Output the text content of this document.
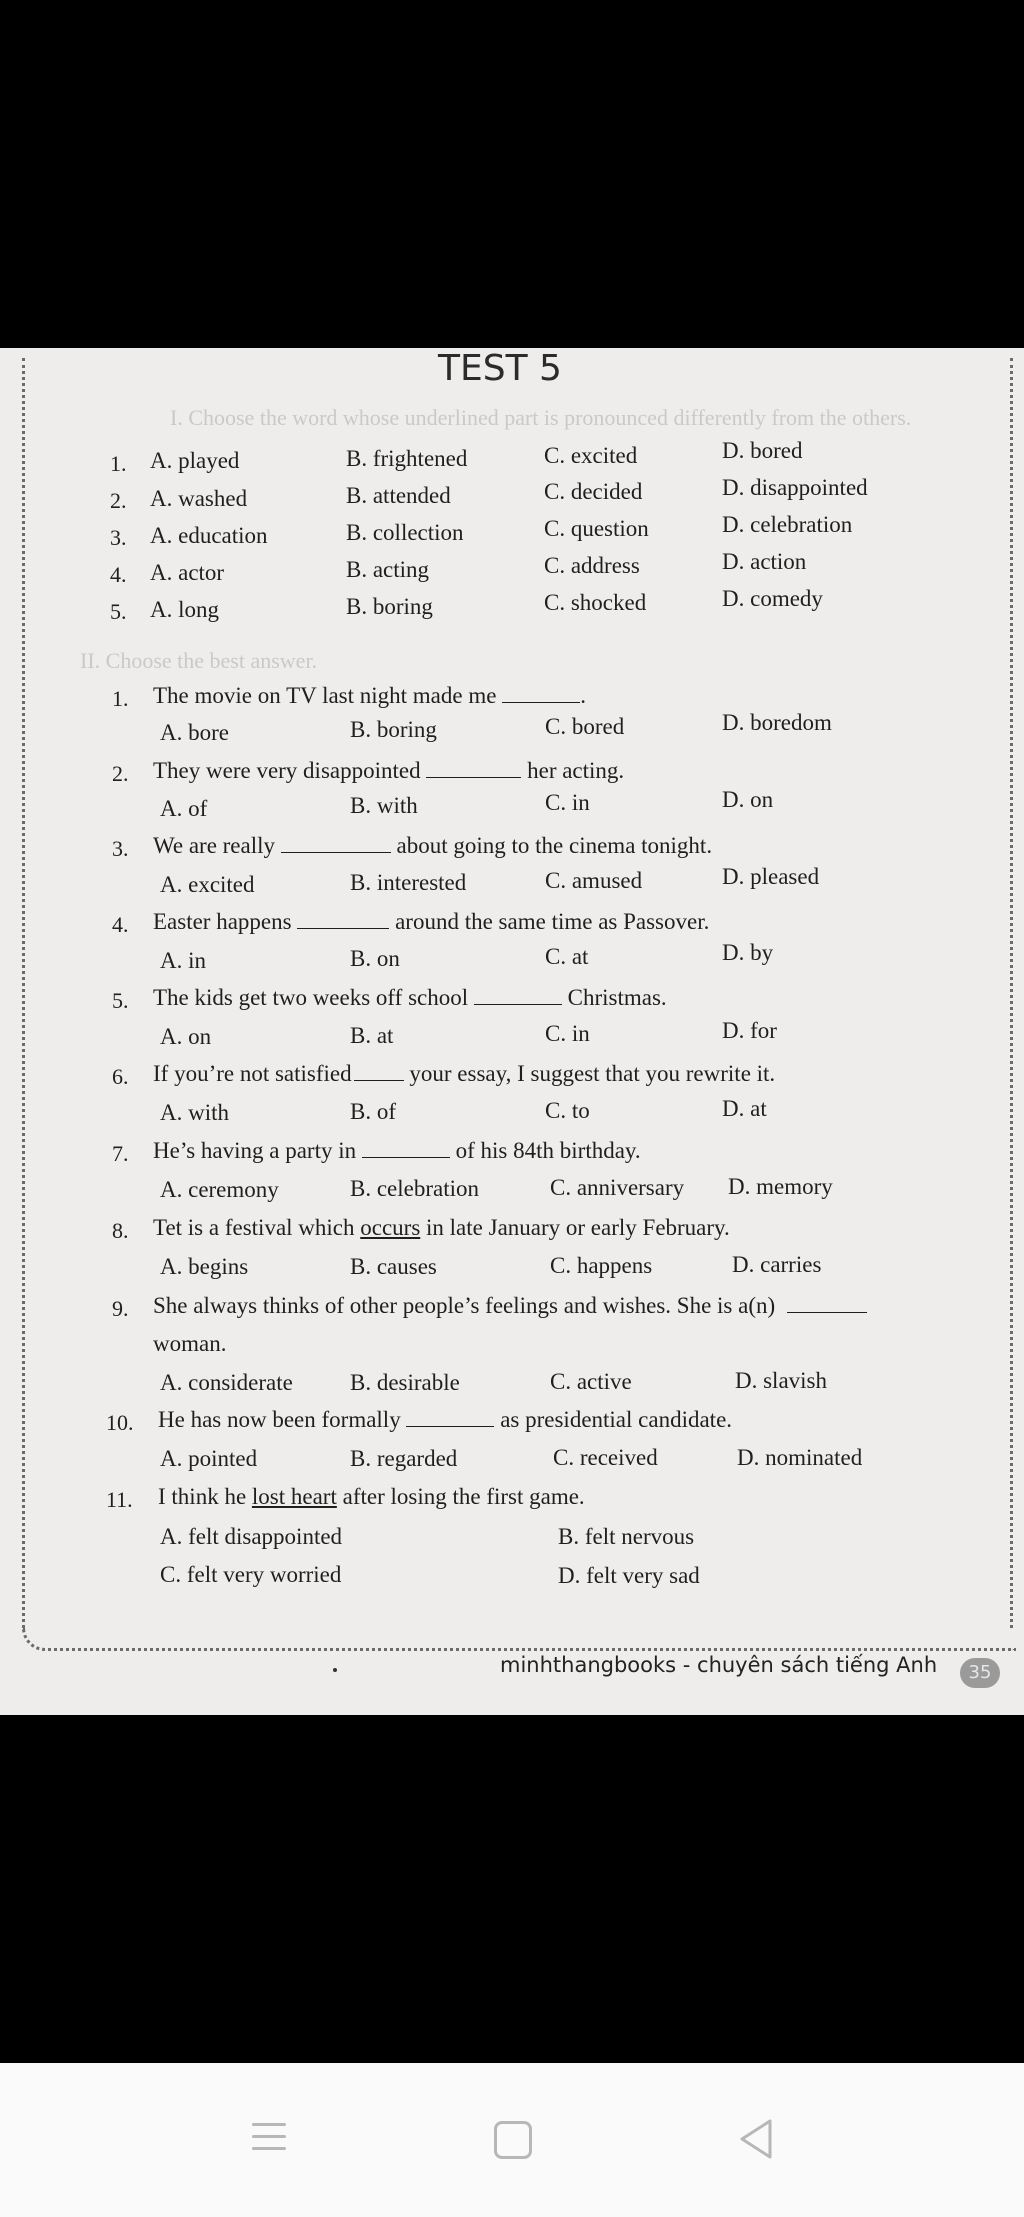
TEST 5
I. Choose the word whose underlined part is pronounced differently from the others.
1. A. played	B. frightened	C. excited	D. bored
2. A. washed	B. attended	C. decided	D. disappointed
3. A. education	B. collection	C. question	D. celebration
4. A. actor	B. acting	C. address	D. action
5. A. long	B. boring	C. shocked	D. comedy
II. Choose the best answer.
1. The movie on TV last night made me	.
A. bore	B. boring	C. bored	D. boredom
2. They were very disappointed	her acting.
A. of	B. with	C. in	D. on
3. We are really	about going to the cinema tonight.
A. excited	B. interested	C. amused	D. pleased
4. Easter happens	around the same time as Passover.
A. in	B. on	C. at	D. by
5. The kids get two weeks off school	Christmas.
A. on	B. at	C. in	D. for
6. If you’re not satisfied	your essay, I suggest that you rewrite it.
A. with	B. of	C. to	D. at
7. He’s having a party in	of his 84th birthday.
A. ceremony	B. celebration	C. anniversary D. memory
8. Tet is a festival which occurs in late January or early February.
A. begins	B. causes	C. happens	D. carries
9. She always thinks of other people’s feelings and wishes. She is a(n)
woman.
A. considerate B. desirable	C. active	D. slavish
10. He has now been formally	as presidential candidate.
A. pointed	B. regarded	C. received	D. nominated
11. I think he lost heart after losing the first game.
A. felt disappointed	B. felt nervous
C. felt very worried	D. felt very sad
minhthangbooks - chuyên sách tiếng Anh	35
